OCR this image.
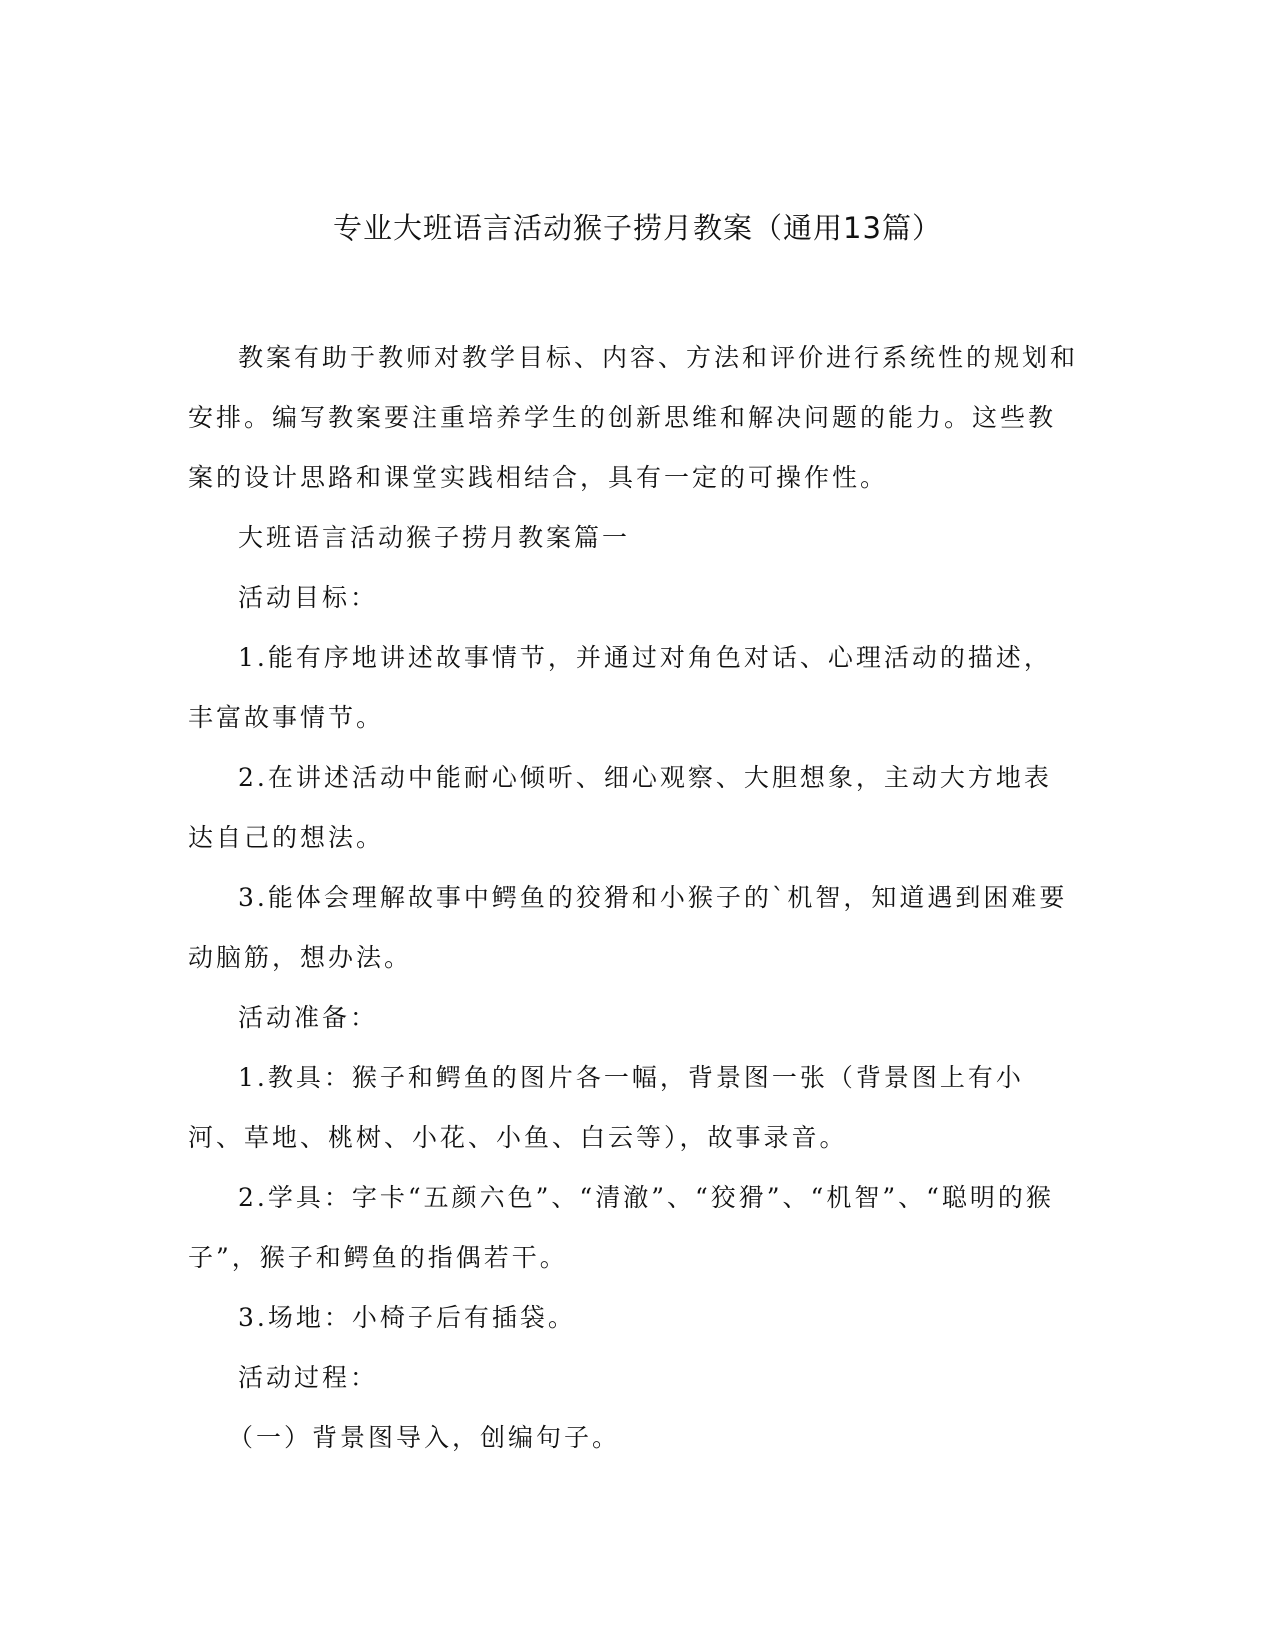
专业大班语言活动猴子捞月教案（通用13篇）

教案有助于教师对教学目标、内容、方法和评价进行系统性的规划和安排。编写教案要注重培养学生的创新思维和解决问题的能力。这些教案的设计思路和课堂实践相结合，具有一定的可操作性。

大班语言活动猴子捞月教案篇一

活动目标：

1.能有序地讲述故事情节，并通过对角色对话、心理活动的描述，丰富故事情节。

2.在讲述活动中能耐心倾听、细心观察、大胆想象，主动大方地表达自己的想法。

3.能体会理解故事中鳄鱼的狡猾和小猴子的`机智，知道遇到困难要动脑筋，想办法。

活动准备：

1.教具：猴子和鳄鱼的图片各一幅，背景图一张（背景图上有小河、草地、桃树、小花、小鱼、白云等），故事录音。

2.学具：字卡“五颜六色”、“清澈”、“狡猾”、“机智”、“聪明的猴子”，猴子和鳄鱼的指偶若干。

3.场地：小椅子后有插袋。

活动过程：

（一）背景图导入，创编句子。
